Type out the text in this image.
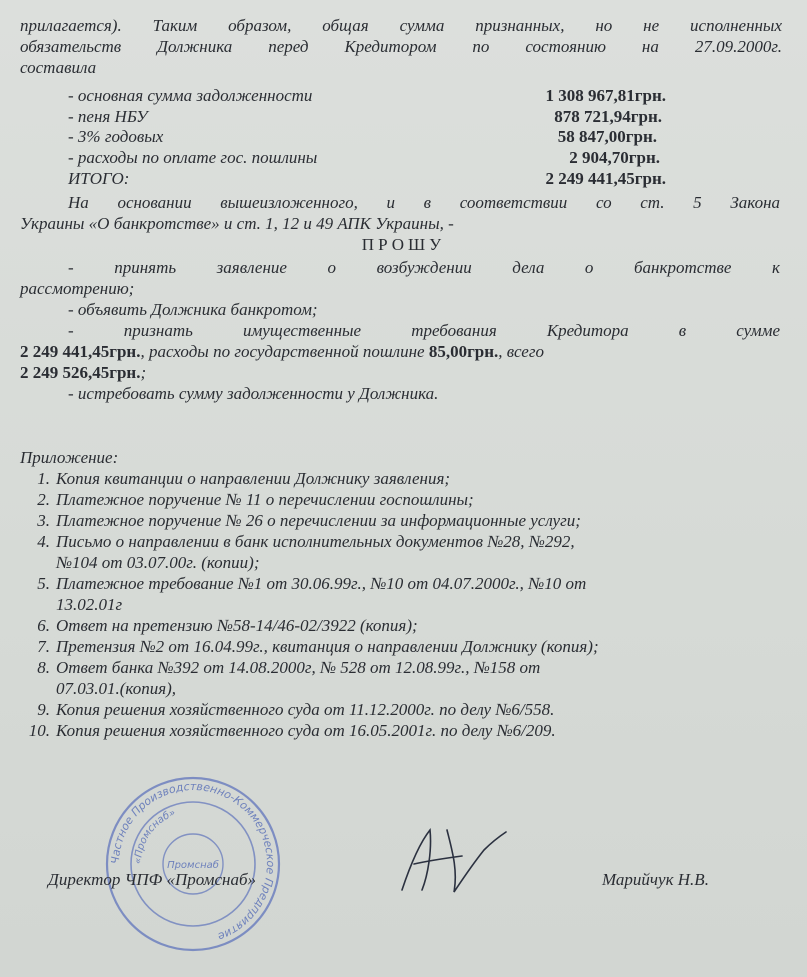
прилагается). Таким образом, общая сумма признанных, но не исполненных
обязательств Должника перед Кредитором по состоянию на 27.09.2000г.
составила
- основная сумма задолженности	1 308 967,81грн.
- пеня НБУ	878 721,94грн.
- 3% годовых	58 847,00грн.
- расходы по оплате гос. пошлины	2 904,70грн.
ИТОГО:	2 249 441,45грн.
На основании вышеизложенного, и в соответствии со ст. 5 Закона
Украины «О банкротстве» и ст. 1, 12 и 49 АПК Украины, -
ПРОШУ
- принять заявление о возбуждении дела о банкротстве к
рассмотрению;
- объявить Должника банкротом;
- признать имущественные требования Кредитора в сумме
2 249 441,45грн., расходы по государственной пошлине 85,00грн., всего
2 249 526,45грн.;
- истребовать сумму задолженности у Должника.
Приложение:
1. Копия квитанции о направлении Должнику заявления;
2. Платежное поручение № 11 о перечислении госпошлины;
3. Платежное поручение № 26 о перечислении за информационные услуги;
4. Письмо о направлении в банк исполнительных документов №28, №292,
№104 от 03.07.00г. (копии);
5. Платежное требование №1 от 30.06.99г., №10 от 04.07.2000г., №10 от
13.02.01г
6. Ответ на претензию №58-14/46-02/3922 (копия);
7. Претензия №2 от 16.04.99г., квитанция о направлении Должнику (копия);
8. Ответ банка №392 от 14.08.2000г, № 528 от 12.08.99г., №158 от
07.03.01.(копия),
9. Копия решения хозяйственного суда от 11.12.2000г. по делу №6/558.
10. Копия решения хозяйственного суда от 16.05.2001г. по делу №6/209.
Частное Производственно-Коммерческое Предприятие
«Промснаб»
Промснаб
Директор ЧПФ «Промснаб»	Марийчук Н.В.
